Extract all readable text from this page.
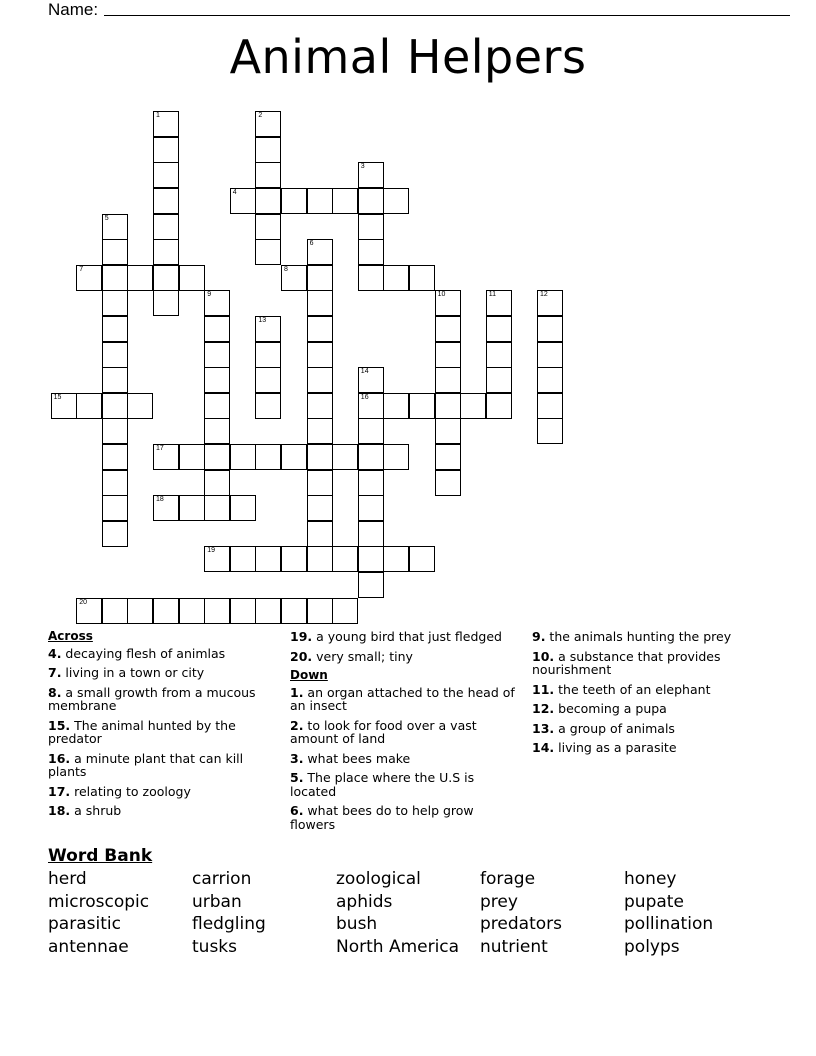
Name:
Animal Helpers
1	2
3
4
5
6
7	8
9	10	11	12
13
14
16
15
17
18
19
20
Across
4. decaying flesh of animlas
7. living in a town or city
8. a small growth from a mucous membrane
15. The animal hunted by the predator
16. a minute plant that can kill plants
17. relating to zoology
18. a shrub
19. a young bird that just fledged
20. very small; tiny
Down
1. an organ attached to the head of an insect
2. to look for food over a vast amount of land
3. what bees make
5. The place where the U.S is located
6. what bees do to help grow flowers
9. the animals hunting the prey
10. a substance that provides nourishment
11. the teeth of an elephant
12. becoming a pupa
13. a group of animals
14. living as a parasite
Word Bank
herd
microscopic
parasitic
antennae
carrion
urban
fledgling
tusks
zoological
aphids
bush
North America
forage
prey
predators
nutrient
honey
pupate
pollination
polyps
